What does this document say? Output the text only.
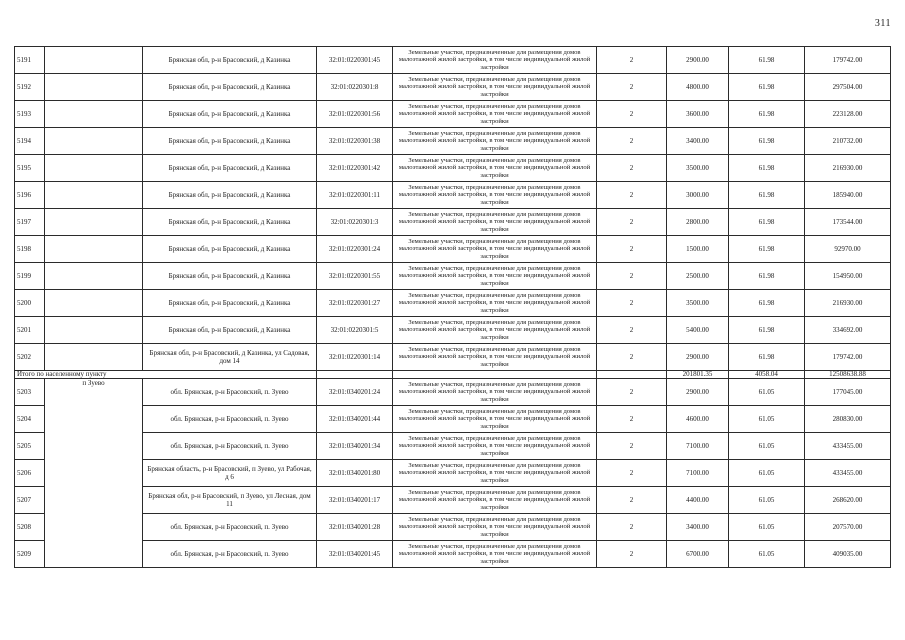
311
5191		Брянская обл, р-н Брасовский, д Казинка	32:01:0220301:45	Земельные участки, предназначенные для размещения домов малоэтажной жилой застройки, в том числе индивидуальной жилой застройки	2	2900.00	61.98	179742.00
5192		Брянская обл, р-н Брасовский, д Казинка	32:01:0220301:8	Земельные участки, предназначенные для размещения домов малоэтажной жилой застройки, в том числе индивидуальной жилой застройки	2	4800.00	61.98	297504.00
5193		Брянская обл, р-н Брасовский, д Казинка	32:01:0220301:56	Земельные участки, предназначенные для размещения домов малоэтажной жилой застройки, в том числе индивидуальной жилой застройки	2	3600.00	61.98	223128.00
5194		Брянская обл, р-н Брасовский, д Казинка	32:01:0220301:38	Земельные участки, предназначенные для размещения домов малоэтажной жилой застройки, в том числе индивидуальной жилой застройки	2	3400.00	61.98	210732.00
5195		Брянская обл, р-н Брасовский, д Казинка	32:01:0220301:42	Земельные участки, предназначенные для размещения домов малоэтажной жилой застройки, в том числе индивидуальной жилой застройки	2	3500.00	61.98	216930.00
5196		Брянская обл, р-н Брасовский, д Казинка	32:01:0220301:11	Земельные участки, предназначенные для размещения домов малоэтажной жилой застройки, в том числе индивидуальной жилой застройки	2	3000.00	61.98	185940.00
5197		Брянская обл, р-н Брасовский, д Казинка	32:01:0220301:3	Земельные участки, предназначенные для размещения домов малоэтажной жилой застройки, в том числе индивидуальной жилой застройки	2	2800.00	61.98	173544.00
5198		Брянская обл, р-н Брасовский, д Казинка	32:01:0220301:24	Земельные участки, предназначенные для размещения домов малоэтажной жилой застройки, в том числе индивидуальной жилой застройки	2	1500.00	61.98	92970.00
5199		Брянская обл, р-н Брасовский, д Казинка	32:01:0220301:55	Земельные участки, предназначенные для размещения домов малоэтажной жилой застройки, в том числе индивидуальной жилой застройки	2	2500.00	61.98	154950.00
5200		Брянская обл, р-н Брасовский, д Казинка	32:01:0220301:27	Земельные участки, предназначенные для размещения домов малоэтажной жилой застройки, в том числе индивидуальной жилой застройки	2	3500.00	61.98	216930.00
5201		Брянская обл, р-н Брасовский, д Казинка	32:01:0220301:5	Земельные участки, предназначенные для размещения домов малоэтажной жилой застройки, в том числе индивидуальной жилой застройки	2	5400.00	61.98	334692.00
5202		Брянская обл, р-н Брасовский, д Казинка, ул Садовая, дом 14	32:01:0220301:14	Земельные участки, предназначенные для размещения домов малоэтажной жилой застройки, в том числе индивидуальной жилой застройки	2	2900.00	61.98	179742.00
Итого по населенному пункту						201801.35	4058.04	12508638.88
5203	п Зуево	обл. Брянская, р-н Брасовский, п. Зуево	32:01:0340201:24	Земельные участки, предназначенные для размещения домов малоэтажной жилой застройки, в том числе индивидуальной жилой застройки	2	2900.00	61.05	177045.00
5204		обл. Брянская, р-н Брасовский, п. Зуево	32:01:0340201:44	Земельные участки, предназначенные для размещения домов малоэтажной жилой застройки, в том числе индивидуальной жилой застройки	2	4600.00	61.05	280830.00
5205		обл. Брянская, р-н Брасовский, п. Зуево	32:01:0340201:34	Земельные участки, предназначенные для размещения домов малоэтажной жилой застройки, в том числе индивидуальной жилой застройки	2	7100.00	61.05	433455.00
5206		Брянская область, р-н Брасовский, п Зуево, ул Рабочая, д 6	32:01:0340201:80	Земельные участки, предназначенные для размещения домов малоэтажной жилой застройки, в том числе индивидуальной жилой застройки	2	7100.00	61.05	433455.00
5207		Брянская обл, р-н Брасовский, п Зуево, ул Лесная, дом 11	32:01:0340201:17	Земельные участки, предназначенные для размещения домов малоэтажной жилой застройки, в том числе индивидуальной жилой застройки	2	4400.00	61.05	268620.00
5208		обл. Брянская, р-н Брасовский, п. Зуево	32:01:0340201:28	Земельные участки, предназначенные для размещения домов малоэтажной жилой застройки, в том числе индивидуальной жилой застройки	2	3400.00	61.05	207570.00
5209		обл. Брянская, р-н Брасовский, п. Зуево	32:01:0340201:45	Земельные участки, предназначенные для размещения домов малоэтажной жилой застройки, в том числе индивидуальной жилой застройки	2	6700.00	61.05	409035.00
